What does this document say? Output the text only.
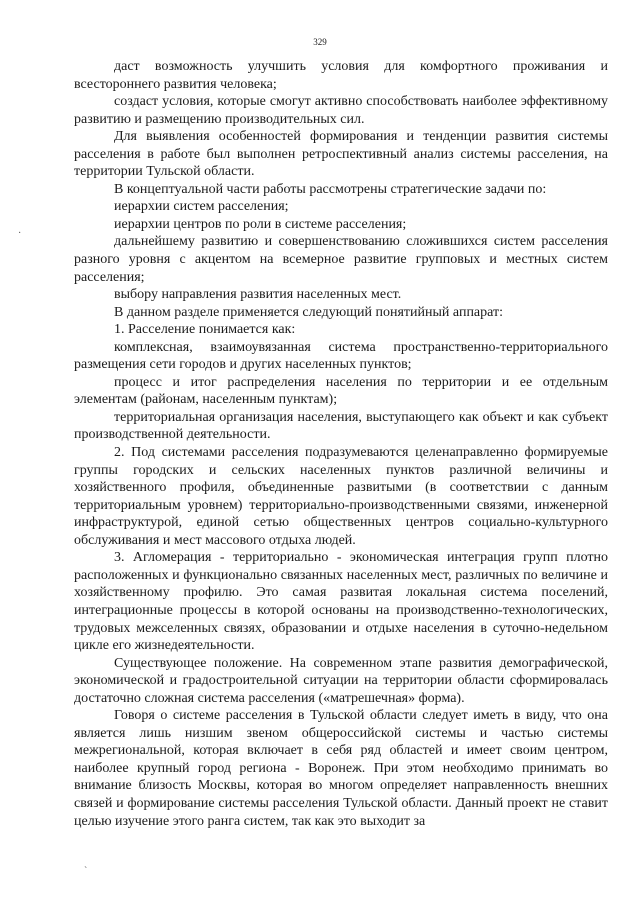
329

даст возможность улучшить условия для комфортного проживания и всестороннего развития человека;

создаст условия, которые смогут активно способствовать наиболее эффективному развитию и размещению производительных сил.

Для выявления особенностей формирования и тенденции развития системы расселения в работе был выполнен ретроспективный анализ системы расселения, на территории Тульской области.

В концептуальной части работы рассмотрены стратегические задачи по:

иерархии систем расселения;

иерархии центров по роли в системе расселения;

дальнейшему развитию и совершенствованию сложившихся систем расселения разного уровня с акцентом на всемерное развитие групповых и местных систем расселения;

выбору направления развития населенных мест.

В данном разделе применяется следующий понятийный аппарат:

1. Расселение понимается как:

комплексная, взаимоувязанная система пространственно-территориального размещения сети городов и других населенных пунктов;

процесс и итог распределения населения по территории и ее отдельным элементам (районам, населенным пунктам);

территориальная организация населения, выступающего как объект и как субъект производственной деятельности.

2. Под системами расселения подразумеваются целенаправленно формируемые группы городских и сельских населенных пунктов различной величины и хозяйственного профиля, объединенные развитыми (в соответствии с данным территориальным уровнем) территориально-производственными связями, инженерной инфраструктурой, единой сетью общественных центров социально-культурного обслуживания и мест массового отдыха людей.

3. Агломерация - территориально - экономическая интеграция групп плотно расположенных и функционально связанных населенных мест, различных по величине и хозяйственному профилю. Это самая развитая локальная система поселений, интеграционные процессы в которой основаны на производственно-технологических, трудовых межселенных связях, образовании и отдыхе населения в суточно-недельном цикле его жизнедеятельности.

Существующее положение. На современном этапе развития демографической, экономической и градостроительной ситуации на территории области сформировалась достаточно сложная система расселения («матрешечная» форма).

Говоря о системе расселения в Тульской области следует иметь в виду, что она является лишь низшим звеном общероссийской системы и частью системы межрегиональной, которая включает в себя ряд областей и имеет своим центром, наиболее крупный город региона - Воронеж. При этом необходимо принимать во внимание близость Москвы, которая во многом определяет направленность внешних связей и формирование системы расселения Тульской области. Данный проект не ставит целью изучение этого ранга систем, так как это выходит за

·
`
